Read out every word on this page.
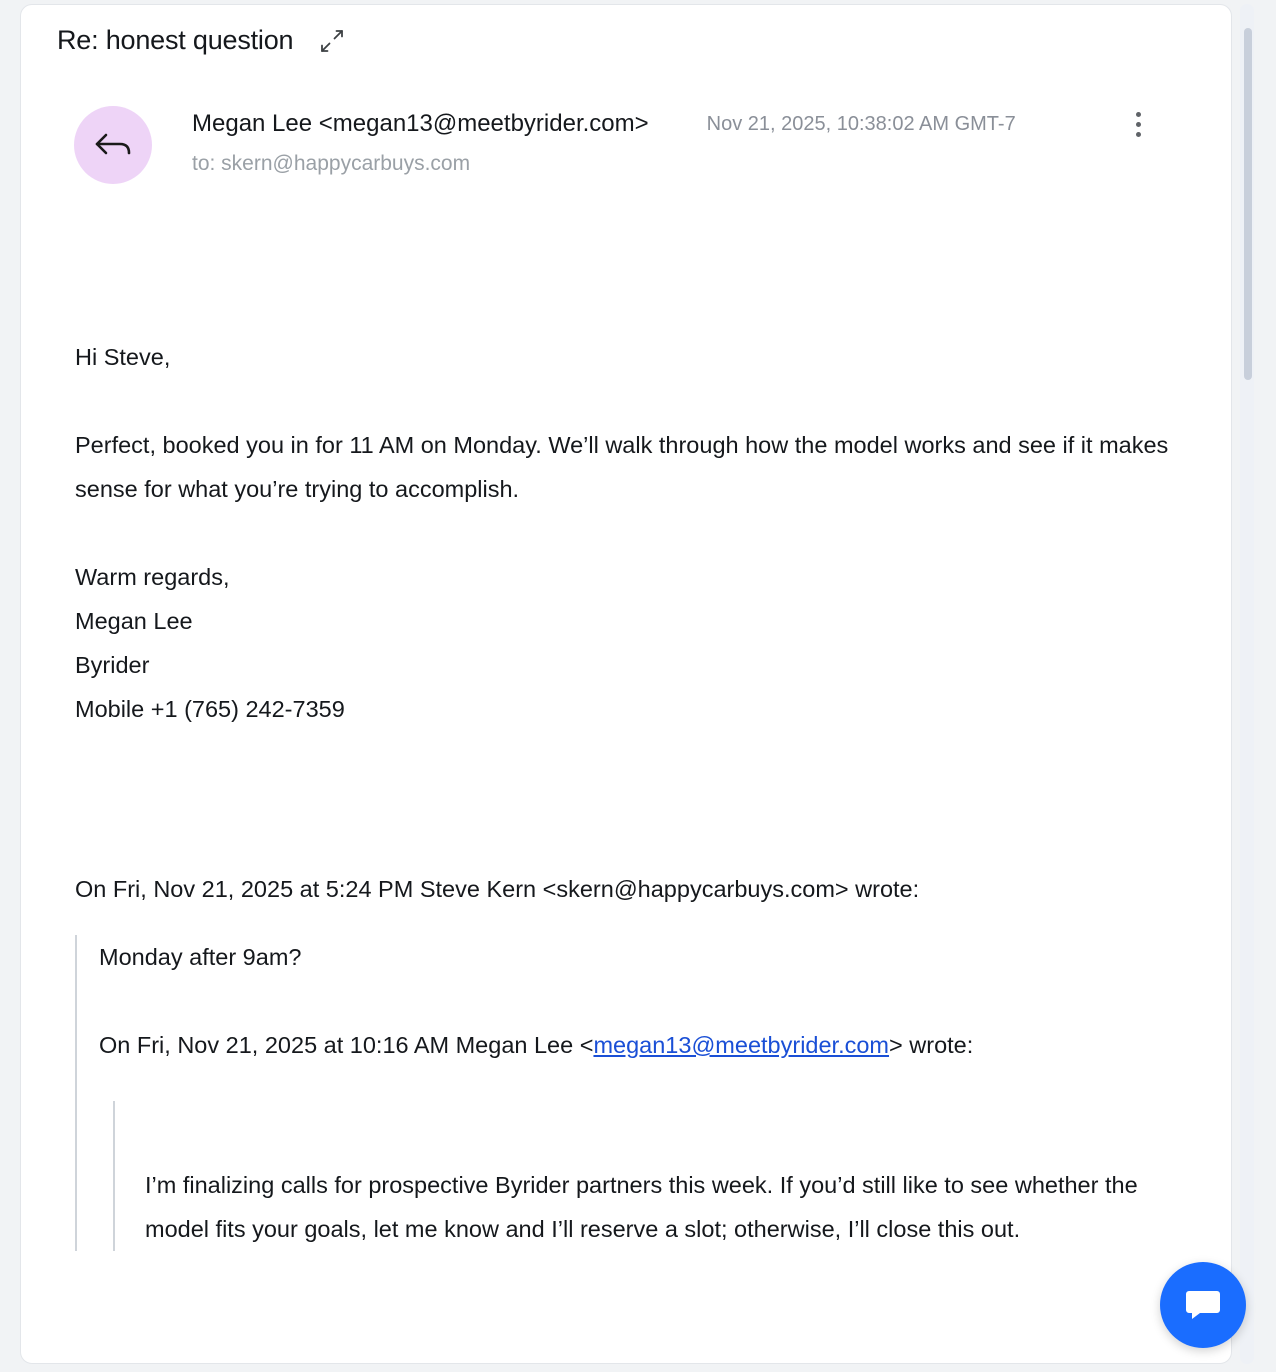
Re: honest question
Megan Lee <megan13@meetbyrider.com>	Nov 21, 2025, 10:38:02 AM GMT-7
to: skern@happycarbuys.com

Hi Steve,

Perfect, booked you in for 11 AM on Monday. We’ll walk through how the model works and see if it makes sense for what you’re trying to accomplish.

Warm regards,

Megan Lee

Byrider

Mobile +1 (765) 242-7359

On Fri, Nov 21, 2025 at 5:24 PM Steve Kern <skern@happycarbuys.com> wrote:
Monday after 9am?
On Fri, Nov 21, 2025 at 10:16 AM Megan Lee <megan13@meetbyrider.com> wrote:
I’m finalizing calls for prospective Byrider partners this week. If you’d still like to see whether the model fits your goals, let me know and I’ll reserve a slot; otherwise, I’ll close this out.
